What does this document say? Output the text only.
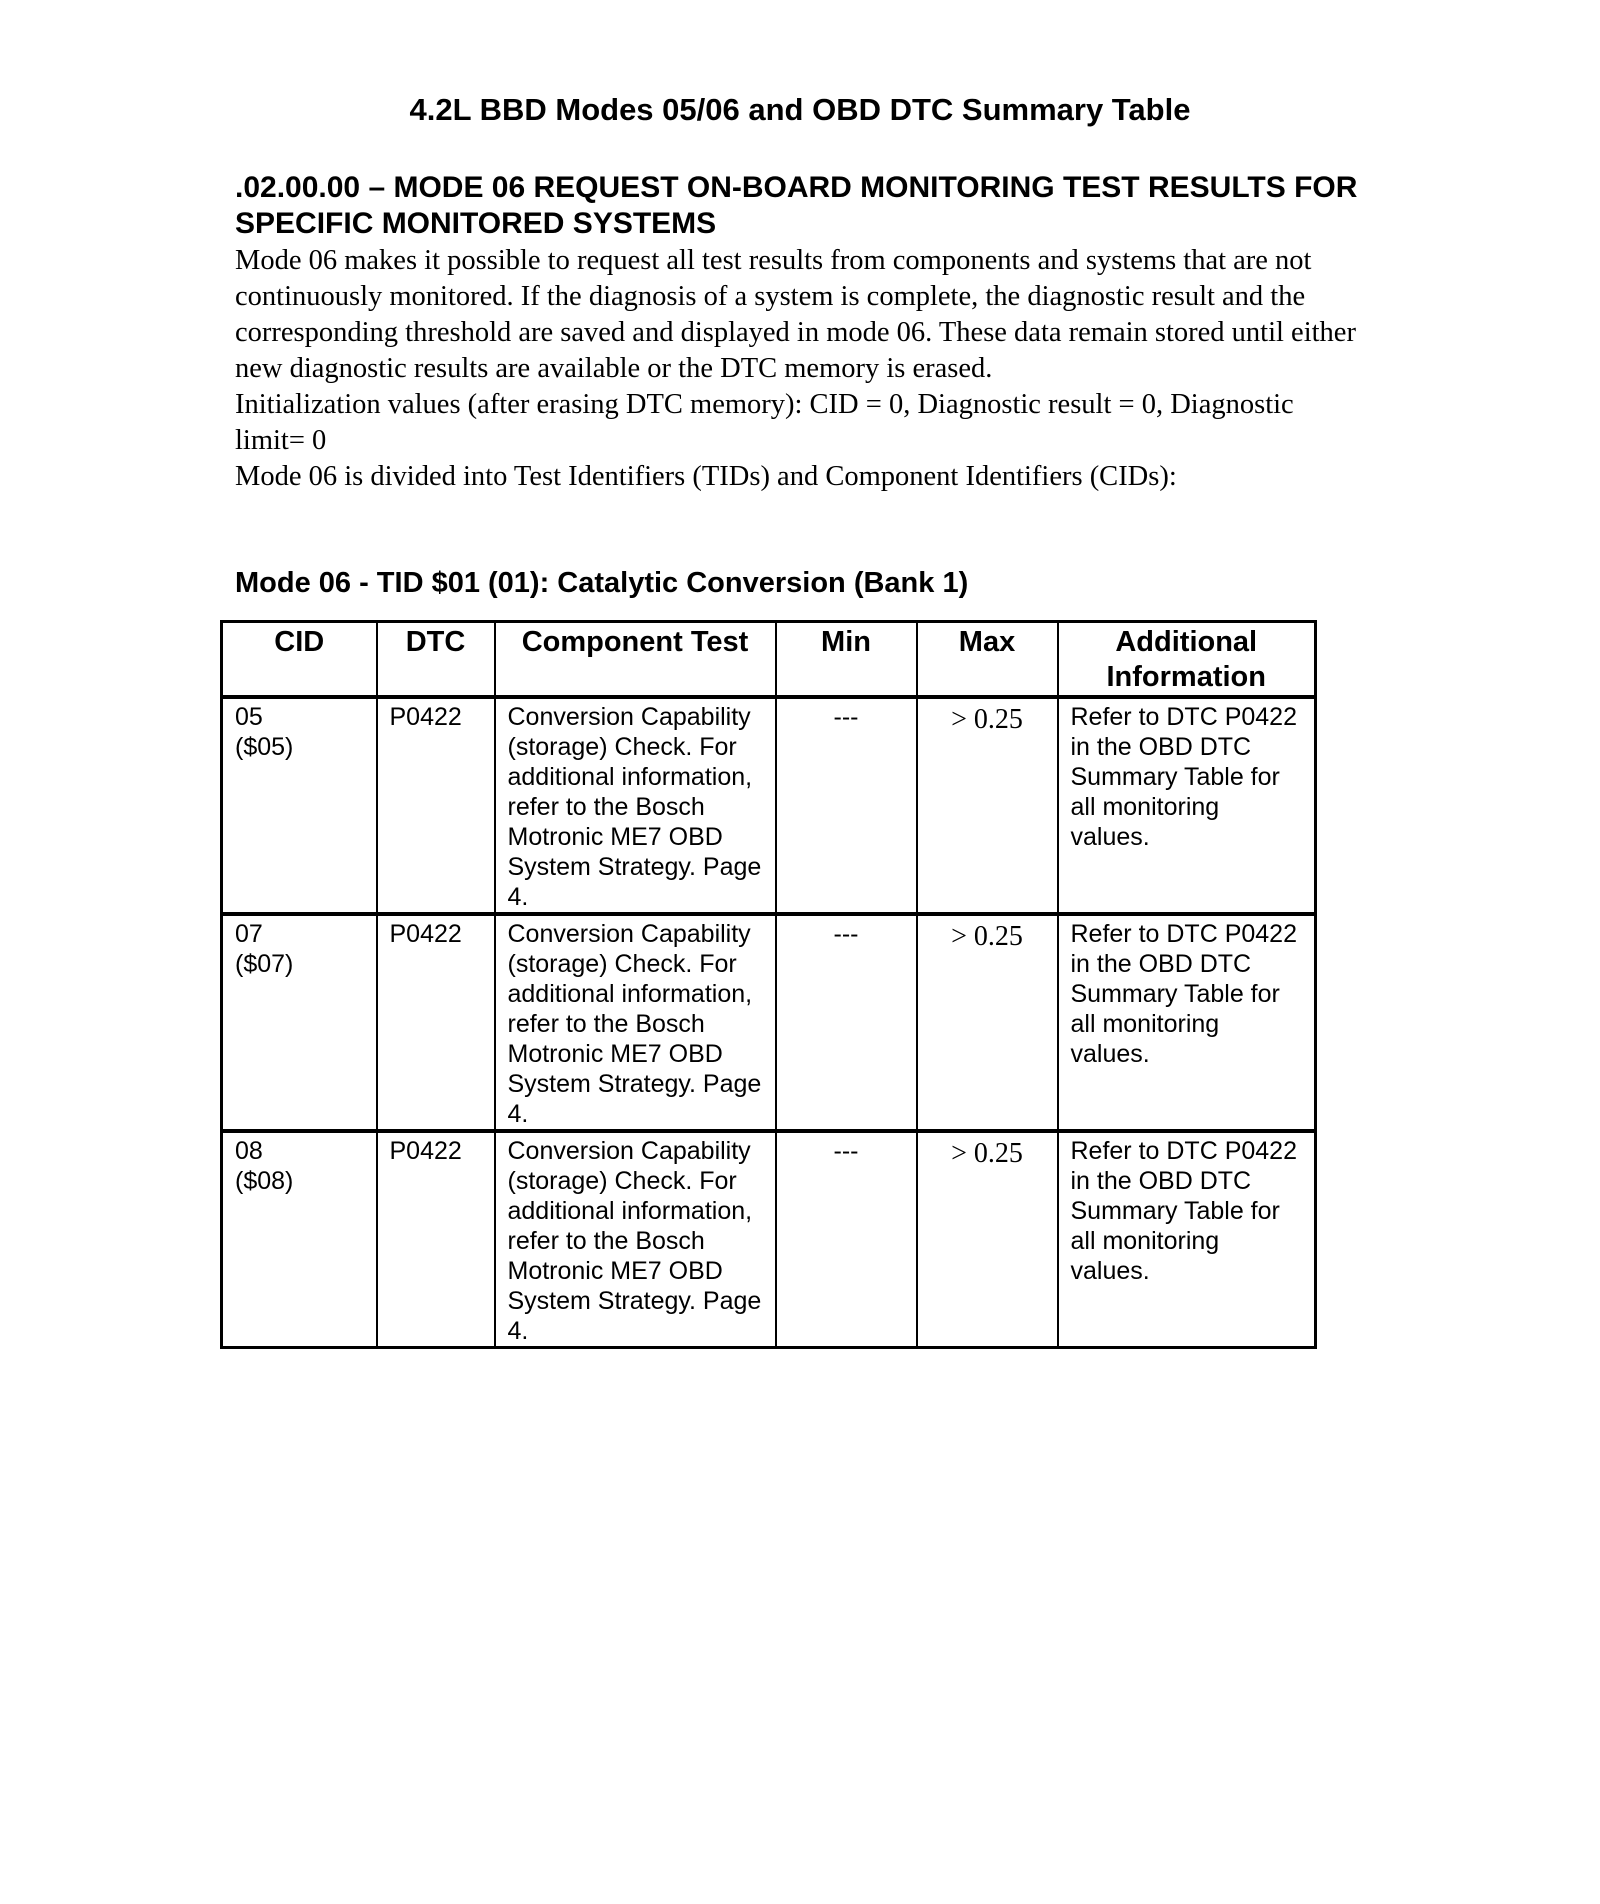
4.2L BBD Modes 05/06 and OBD DTC Summary Table
.02.00.00 – MODE 06 REQUEST ON-BOARD MONITORING TEST RESULTS FOR SPECIFIC MONITORED SYSTEMS

Mode 06 makes it possible to request all test results from components and systems that are not continuously monitored. If the diagnosis of a system is complete, the diagnostic result and the corresponding threshold are saved and displayed in mode 06. These data remain stored until either new diagnostic results are available or the DTC memory is erased.

Initialization values (after erasing DTC memory): CID = 0, Diagnostic result = 0, Diagnostic limit= 0

Mode 06 is divided into Test Identifiers (TIDs) and Component Identifiers (CIDs):

Mode 06 - TID $01 (01): Catalytic Conversion (Bank 1)
CID	DTC	Component Test	Min	Max	Additional Information

05
($05)	P0422	Conversion Capability (storage) Check. For additional information, refer to the Bosch Motronic ME7 OBD System Strategy. Page 4.	---	> 0.25	Refer to DTC P0422 in the OBD DTC Summary Table for all monitoring values.

07
($07)	P0422	Conversion Capability (storage) Check. For additional information, refer to the Bosch Motronic ME7 OBD System Strategy. Page 4.	---	> 0.25	Refer to DTC P0422 in the OBD DTC Summary Table for all monitoring values.

08
($08)	P0422	Conversion Capability (storage) Check. For additional information, refer to the Bosch Motronic ME7 OBD System Strategy. Page 4.	---	> 0.25	Refer to DTC P0422 in the OBD DTC Summary Table for all monitoring values.
